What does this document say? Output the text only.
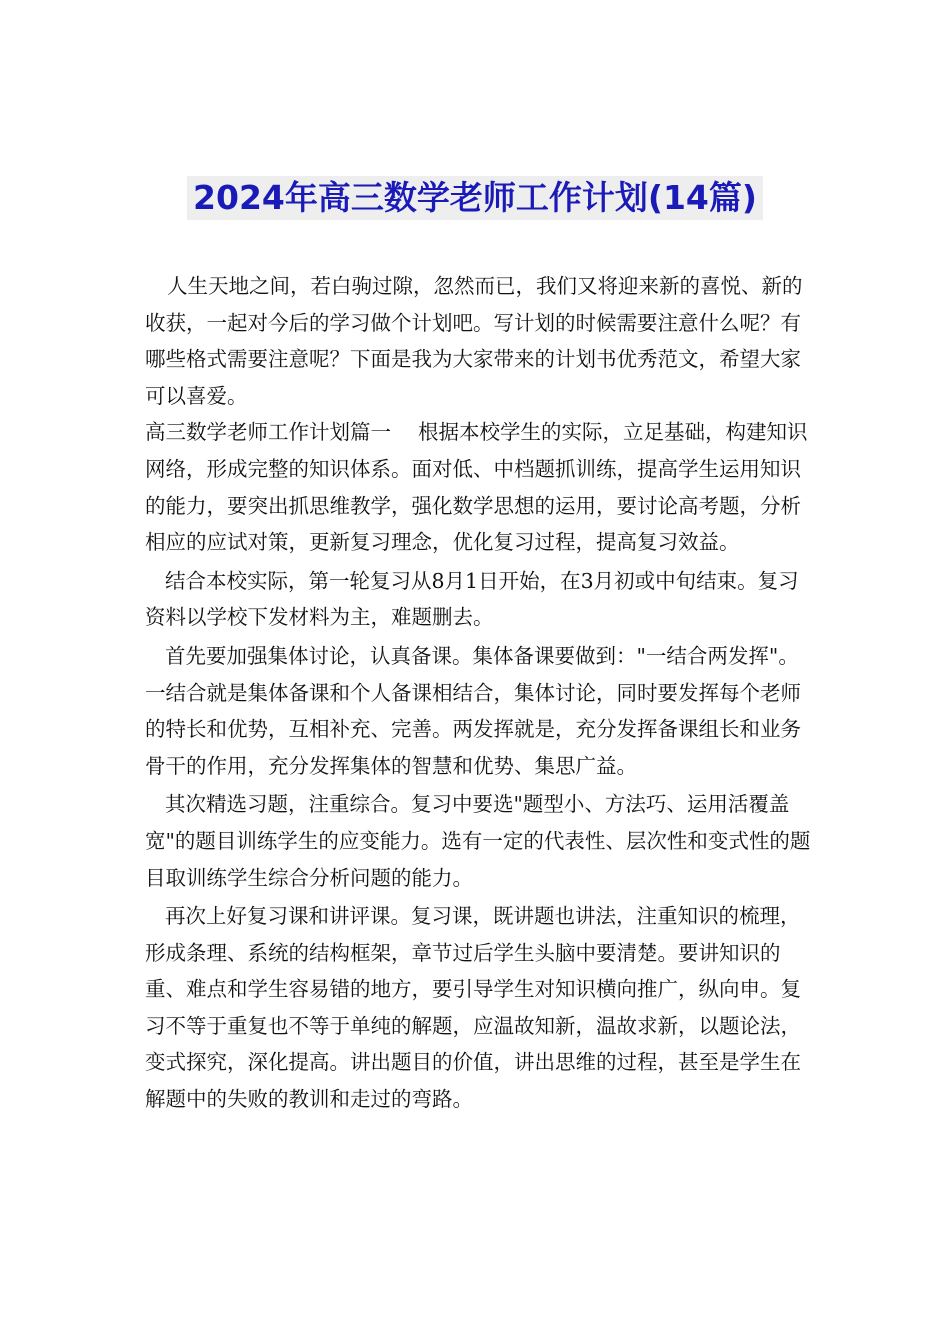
2024年高三数学老师工作计划(14篇)

人生天地之间，若白驹过隙，忽然而已，我们又将迎来新的喜悦、新的收获，一起对今后的学习做个计划吧。写计划的时候需要注意什么呢？有哪些格式需要注意呢？下面是我为大家带来的计划书优秀范文，希望大家可以喜爱。

高三数学老师工作计划篇一　 根据本校学生的实际，立足基础，构建知识网络，形成完整的知识体系。面对低、中档题抓训练，提高学生运用知识的能力，要突出抓思维教学，强化数学思想的运用，要讨论高考题，分析相应的应试对策，更新复习理念，优化复习过程，提高复习效益。

结合本校实际，第一轮复习从8月1日开始，在3月初或中旬结束。复习资料以学校下发材料为主，难题删去。

首先要加强集体讨论，认真备课。集体备课要做到："一结合两发挥"。一结合就是集体备课和个人备课相结合，集体讨论，同时要发挥每个老师的特长和优势，互相补充、完善。两发挥就是，充分发挥备课组长和业务骨干的作用，充分发挥集体的智慧和优势、集思广益。

其次精选习题，注重综合。复习中要选"题型小、方法巧、运用活覆盖宽"的题目训练学生的应变能力。选有一定的代表性、层次性和变式性的题目取训练学生综合分析问题的能力。

再次上好复习课和讲评课。复习课，既讲题也讲法，注重知识的梳理，形成条理、系统的结构框架，章节过后学生头脑中要清楚。要讲知识的重、难点和学生容易错的地方，要引导学生对知识横向推广，纵向申。复习不等于重复也不等于单纯的解题，应温故知新，温故求新，以题论法，变式探究，深化提高。讲出题目的价值，讲出思维的过程，甚至是学生在解题中的失败的教训和走过的弯路。
